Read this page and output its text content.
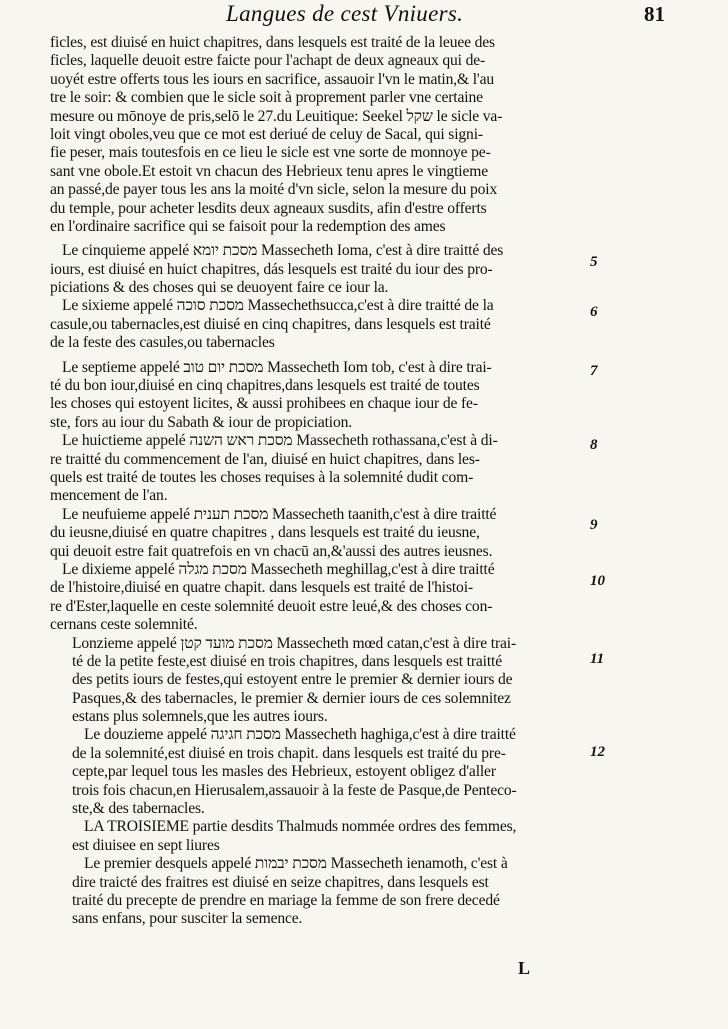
Langues de cest Vniuers.	81
ficles, est diuisé en huict chapitres, dans lesquels est traité de la leuee des
ficles, laquelle deuoit estre faicte pour l'achapt de deux agneaux qui de-
uoyét estre offerts tous les iours en sacrifice, assauoir l'vn le matin,& l'au
tre le soir: & combien que le sicle soit à proprement parler vne certaine
mesure ou mōnoye de pris,selō le 27.du Leuitique: Seekel שקל le sicle va-
loit vingt oboles,veu que ce mot est deriué de celuy de Sacal, qui signi-
fie peser, mais toutesfois en ce lieu le sicle est vne sorte de monnoye pe-
sant vne obole.Et estoit vn chacun des Hebrieux tenu apres le vingtieme
an passé,de payer tous les ans la moité d'vn sicle, selon la mesure du poix
du temple, pour acheter lesdits deux agneaux susdits, afin d'estre offerts
en l'ordinaire sacrifice qui se faisoit pour la redemption des ames
Le cinquieme appelé מסכת יומא Massecheth Ioma, c'est à dire traitté des
iours, est diuisé en huict chapitres, dás lesquels est traité du iour des pro-
piciations & des choses qui se deuoyent faire ce iour la.
Le sixieme appelé מסכת סוכה Massechethsucca,c'est à dire traitté de la
casule,ou tabernacles,est diuisé en cinq chapitres, dans lesquels est traité
de la feste des casules,ou tabernacles
Le septieme appelé מסכת יום טוב Massecheth Iom tob, c'est à dire trai-
té du bon iour,diuisé en cinq chapitres,dans lesquels est traité de toutes
les choses qui estoyent licites, & aussi prohibees en chaque iour de fe-
ste, fors au iour du Sabath & iour de propiciation.
Le huictieme appelé מסכת ראש השנה Massecheth rothassana,c'est à di-
re traitté du commencement de l'an, diuisé en huict chapitres, dans les-
quels est traité de toutes les choses requises à la solemnité dudit com-
mencement de l'an.
Le neufuieme appelé מסכת תענית Massecheth taanith,c'est à dire traitté
du ieusne,diuisé en quatre chapitres , dans lesquels est traité du ieusne,
qui deuoit estre fait quatrefois en vn chacū an,&'aussi des autres ieusnes.
Le dixieme appelé מסכת מגלה Massecheth meghillag,c'est à dire traitté
de l'histoire,diuisé en quatre chapit. dans lesquels est traité de l'histoi-
re d'Ester,laquelle en ceste solemnité deuoit estre leué,& des choses con-
cernans ceste solemnité.
Lonzieme appelé מסכת מועד קטן Massecheth mœd catan,c'est à dire trai-
té de la petite feste,est diuisé en trois chapitres, dans lesquels est traitté
des petits iours de festes,qui estoyent entre le premier & dernier iours de
Pasques,& des tabernacles, le premier & dernier iours de ces solemnitez
estans plus solemnels,que les autres iours.
Le douzieme appelé מסכת חגיגה Massecheth haghiga,c'est à dire traitté
de la solemnité,est diuisé en trois chapit. dans lesquels est traité du pre-
cepte,par lequel tous les masles des Hebrieux, estoyent obligez d'aller
trois fois chacun,en Hierusalem,assauoir à la feste de Pasque,de Penteco-
ste,& des tabernacles.
LA TROISIEME partie desdits Thalmuds nommée ordres des femmes,
est diuisee en sept liures
Le premier desquels appelé מסכת יבמות Massecheth ienamoth, c'est à
dire traicté des fraitres est diuisé en seize chapitres, dans lesquels est
traité du precepte de prendre en mariage la femme de son frere decedé
sans enfans, pour susciter la semence.
5
6
7
8
9
10
11
12
L
